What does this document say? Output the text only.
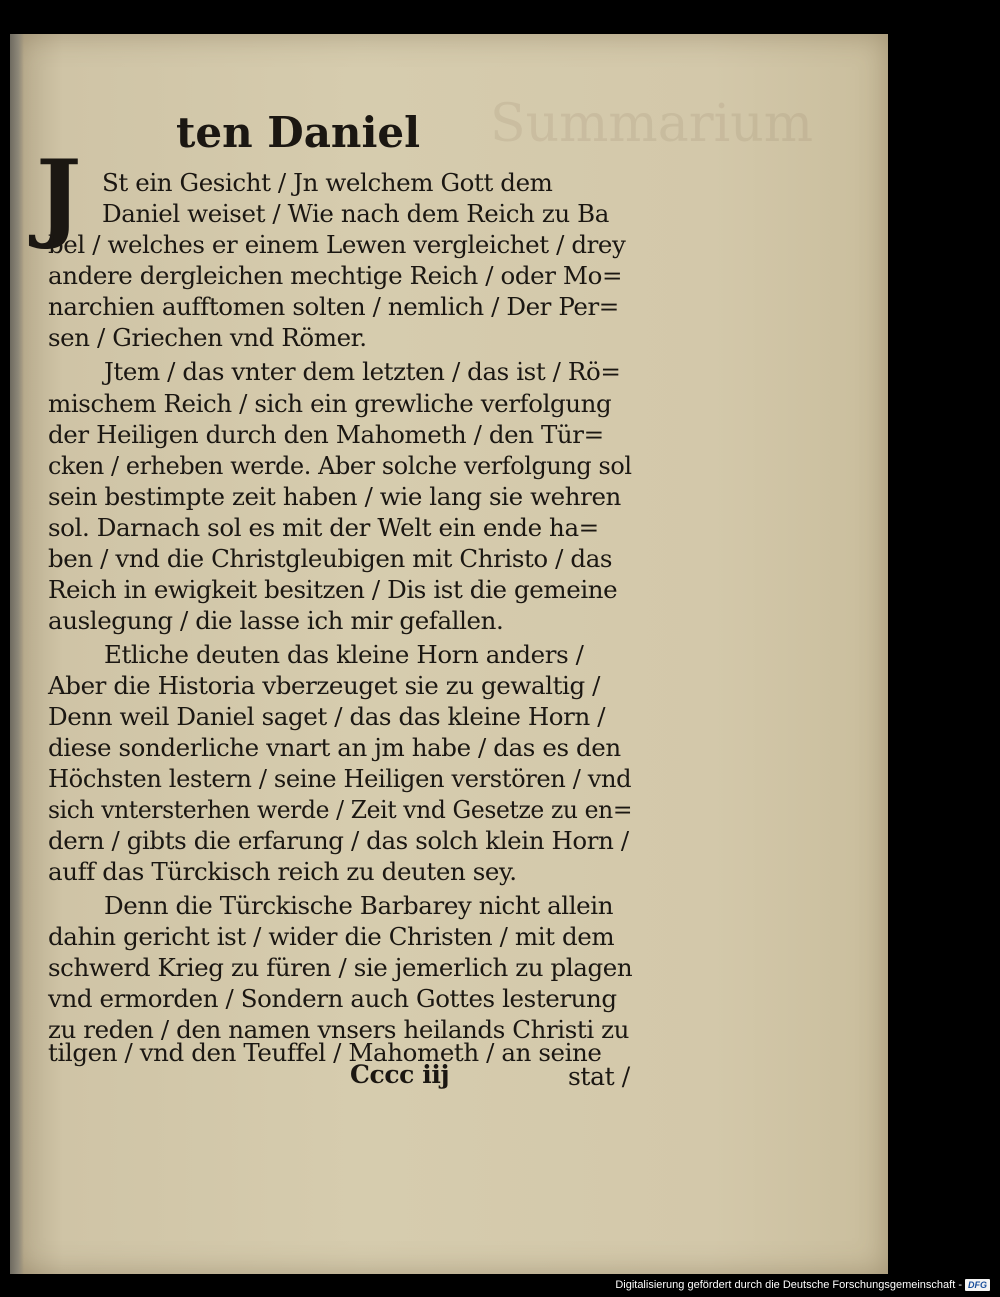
Summarium
ten Daniel
J St ein Gesicht / Jn welchem Gott dem
Daniel weiset / Wie nach dem Reich zu Ba
bel / welches er einem Lewen vergleichet / drey
andere dergleichen mechtige Reich / oder Mo=
narchien aufftomen solten / nemlich / Der Per=
sen / Griechen vnd Römer.
Jtem / das vnter dem letzten / das ist / Rö=
mischem Reich / sich ein grewliche verfolgung
der Heiligen durch den Mahometh / den Tür=
cken / erheben werde. Aber solche verfolgung sol
sein bestimpte zeit haben / wie lang sie wehren
sol. Darnach sol es mit der Welt ein ende ha=
ben / vnd die Christgleubigen mit Christo / das
Reich in ewigkeit besitzen / Dis ist die gemeine
auslegung / die lasse ich mir gefallen.
Etliche deuten das kleine Horn anders /
Aber die Historia vberzeuget sie zu gewaltig /
Denn weil Daniel saget / das das kleine Horn /
diese sonderliche vnart an jm habe / das es den
Höchsten lestern / seine Heiligen verstören / vnd
sich vntersterhen werde / Zeit vnd Gesetze zu en=
dern / gibts die erfarung / das solch klein Horn /
auff das Türckisch reich zu deuten sey.
Denn die Türckische Barbarey nicht allein
dahin gericht ist / wider die Christen / mit dem
schwerd Krieg zu füren / sie jemerlich zu plagen
vnd ermorden / Sondern auch Gottes lesterung
zu reden / den namen vnsers heilands Christi zu
tilgen / vnd den Teuffel / Mahometh / an seine
Cccc iij	stat /
Digitalisierung gefördert durch die Deutsche Forschungsgemeinschaft - DFG
